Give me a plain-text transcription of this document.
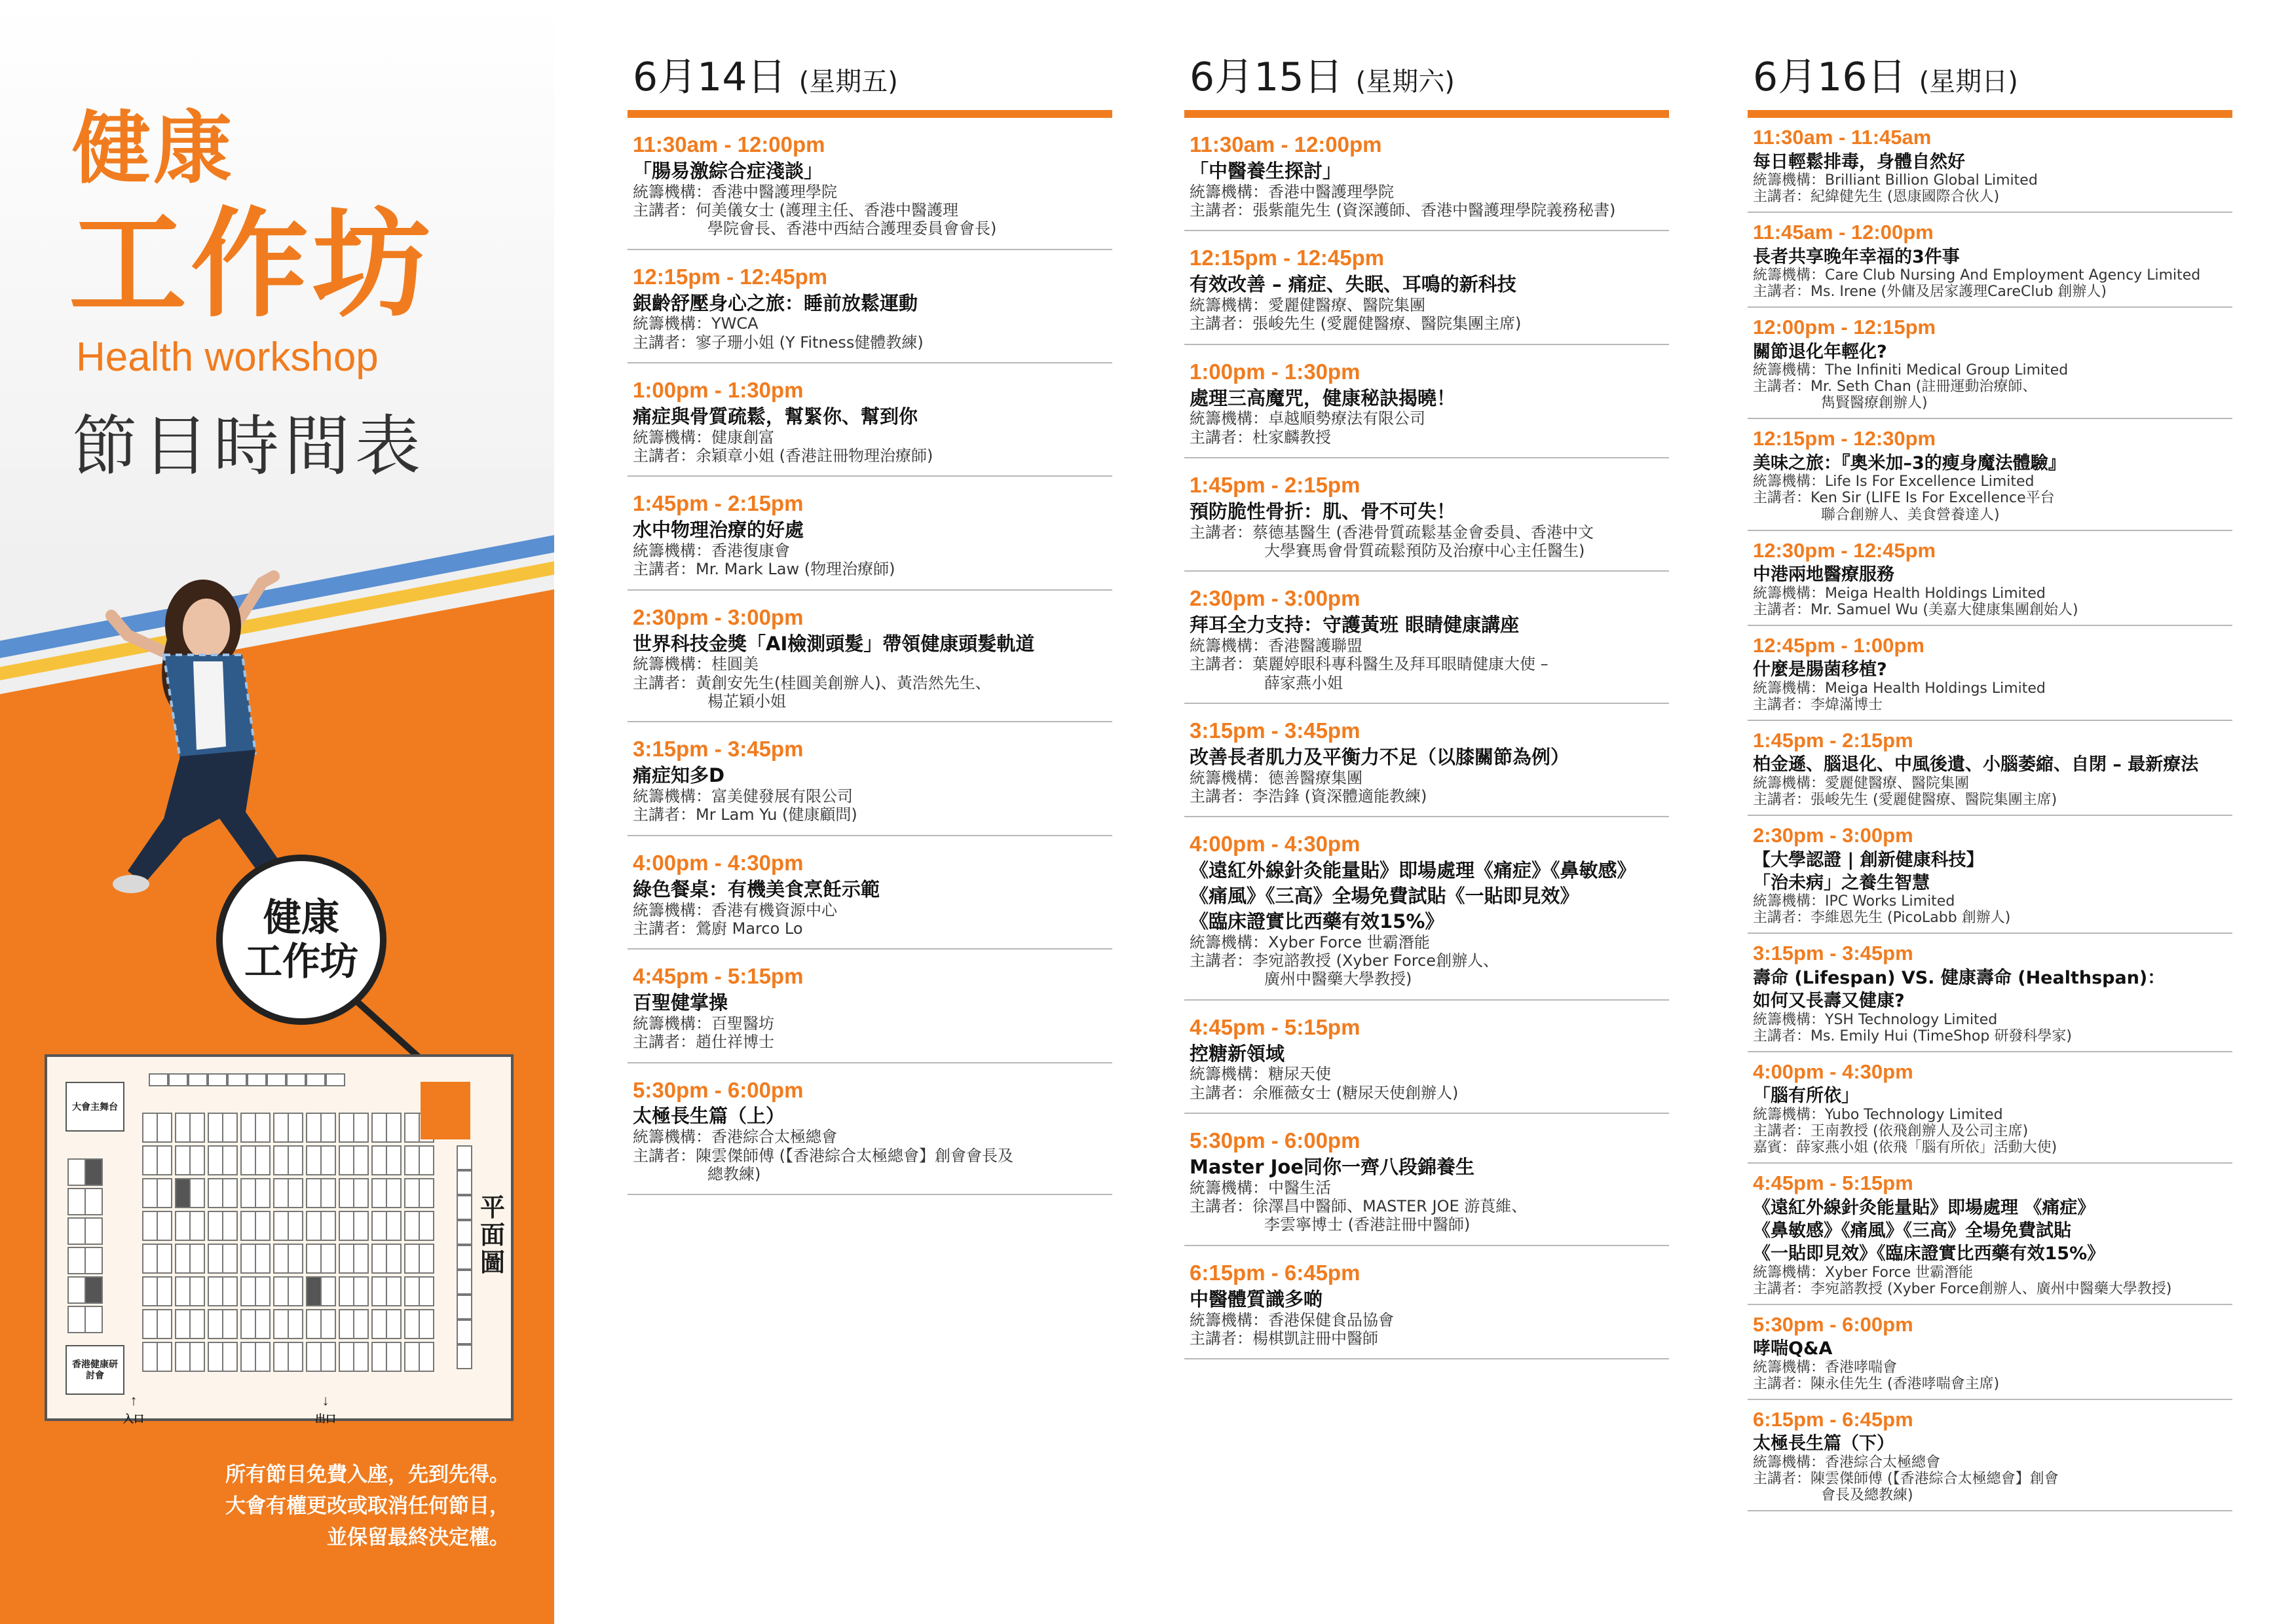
健康
工作坊
Health workshop
節目時間表
健康
工作坊
大會主舞台
香港健康研討會
平面圖
↑	↓
入口	出口
所有節目免費入座，先到先得。
大會有權更改或取消任何節目，
並保留最終決定權。
6月14日 (星期五)
11:30am - 12:00pm
「腸易激綜合症淺談」
統籌機構：香港中醫護理學院
主講者：何美儀女士 (護理主任、香港中醫護理
學院會長、香港中西結合護理委員會會長)
12:15pm - 12:45pm
銀齡舒壓身心之旅：睡前放鬆運動
統籌機構：YWCA
主講者：寥子珊小姐 (Y Fitness健體教練)
1:00pm - 1:30pm
痛症與骨質疏鬆，幫緊你、幫到你
統籌機構：健康創富
主講者：余穎章小姐 (香港註冊物理治療師)
1:45pm - 2:15pm
水中物理治療的好處
統籌機構：香港復康會
主講者：Mr. Mark Law (物理治療師)
2:30pm - 3:00pm
世界科技金獎「AI檢測頭髮」帶領健康頭髮軌道
統籌機構：桂圓美
主講者：黃創安先生(桂圓美創辦人)、黃浩然先生、
楊芷穎小姐
3:15pm - 3:45pm
痛症知多D
統籌機構：富美健發展有限公司
主講者：Mr Lam Yu (健康顧問)
4:00pm - 4:30pm
綠色餐桌：有機美食烹飪示範
統籌機構：香港有機資源中心
主講者：鶯廚 Marco Lo
4:45pm - 5:15pm
百聖健掌操
統籌機構：百聖醫坊
主講者：趙仕祥博士
5:30pm - 6:00pm
太極長生篇（上）
統籌機構：香港綜合太極總會
主講者：陳雲傑師傅 (【香港綜合太極總會】創會會長及
總教練)
6月15日 (星期六)
11:30am - 12:00pm
「中醫養生探討」
統籌機構：香港中醫護理學院
主講者：張紫龍先生 (資深護師、香港中醫護理學院義務秘書)
12:15pm - 12:45pm
有效改善 – 痛症、失眠、耳鳴的新科技
統籌機構：愛麗健醫療、醫院集團
主講者：張峻先生 (愛麗健醫療、醫院集團主席)
1:00pm - 1:30pm
處理三高魔咒，健康秘訣揭曉！
統籌機構：卓越順勢療法有限公司
主講者：杜家麟教授
1:45pm - 2:15pm
預防脆性骨折：肌、骨不可失！
主講者：蔡德基醫生 (香港骨質疏鬆基金會委員、香港中文
大學賽馬會骨質疏鬆預防及治療中心主任醫生)
2:30pm - 3:00pm
拜耳全力支持：守護黃班 眼睛健康講座
統籌機構：香港醫護聯盟
主講者：葉麗婷眼科專科醫生及拜耳眼睛健康大使 –
薛家燕小姐
3:15pm - 3:45pm
改善長者肌力及平衡力不足（以膝關節為例）
統籌機構：德善醫療集團
主講者：李浩鋒 (資深體適能教練)
4:00pm - 4:30pm
《遠紅外線針灸能量貼》即場處理《痛症》《鼻敏感》
《痛風》《三高》全場免費試貼《一貼即見效》
《臨床證實比西藥有效15%》
統籌機構：Xyber Force 世霸潛能
主講者：李宛諮教授 (Xyber Force創辦人、
廣州中醫藥大學教授)
4:45pm - 5:15pm
控糖新領域
統籌機構：糖尿天使
主講者：余雁薇女士 (糖尿天使創辦人)
5:30pm - 6:00pm
Master Joe同你一齊八段錦養生
統籌機構：中醫生活
主講者：徐澤昌中醫師、MASTER JOE 游莨維、
李雲寧博士 (香港註冊中醫師)
6:15pm - 6:45pm
中醫體質識多啲
統籌機構：香港保健食品協會
主講者：楊棋凱註冊中醫師
6月16日 (星期日)
11:30am - 11:45am
每日輕鬆排毒，身體自然好
統籌機構：Brilliant Billion Global Limited
主講者：紀緯健先生 (恩康國際合伙人)
11:45am - 12:00pm
長者共享晚年幸福的3件事
統籌機構：Care Club Nursing And Employment Agency Limited
主講者：Ms. Irene (外傭及居家護理CareClub 創辦人)
12:00pm - 12:15pm
關節退化年輕化?
統籌機構：The Infiniti Medical Group Limited
主講者：Mr. Seth Chan (註冊運動治療師、
雋賢醫療創辦人)
12:15pm - 12:30pm
美味之旅：『奧米加–3的瘦身魔法體驗』
統籌機構：Life Is For Excellence Limited
主講者：Ken Sir (LIFE Is For Excellence平台
聯合創辦人、美食營養達人)
12:30pm - 12:45pm
中港兩地醫療服務
統籌機構：Meiga Health Holdings Limited
主講者：Mr. Samuel Wu (美嘉大健康集團創始人)
12:45pm - 1:00pm
什麼是腸菌移植?
統籌機構：Meiga Health Holdings Limited
主講者：李煒滿博士
1:45pm - 2:15pm
柏金遜、腦退化、中風後遺、小腦萎縮、自閉 – 最新療法
統籌機構：愛麗健醫療、醫院集團
主講者：張峻先生 (愛麗健醫療、醫院集團主席)
2:30pm - 3:00pm
【大學認證 | 創新健康科技】
「治未病」之養生智慧
統籌機構：IPC Works Limited
主講者：李維恩先生 (PicoLabb 創辦人)
3:15pm - 3:45pm
壽命 (Lifespan) VS. 健康壽命 (Healthspan)：
如何又長壽又健康?
統籌機構：YSH Technology Limited
主講者：Ms. Emily Hui (TimeShop 研發科學家)
4:00pm - 4:30pm
「腦有所依」
統籌機構：Yubo Technology Limited
主講者：王南教授 (依飛創辦人及公司主席)
嘉賓：薛家燕小姐 (依飛「腦有所依」活動大使)
4:45pm - 5:15pm
《遠紅外線針灸能量貼》即場處理 《痛症》
《鼻敏感》《痛風》《三高》全場免費試貼
《一貼即見效》《臨床證實比西藥有效15%》
統籌機構：Xyber Force 世霸潛能
主講者：李宛諮教授 (Xyber Force創辦人、廣州中醫藥大學教授)
5:30pm - 6:00pm
哮喘Q&A
統籌機構：香港哮喘會
主講者：陳永佳先生 (香港哮喘會主席)
6:15pm - 6:45pm
太極長生篇（下）
統籌機構：香港綜合太極總會
主講者：陳雲傑師傅 (【香港綜合太極總會】創會
會長及總教練)
